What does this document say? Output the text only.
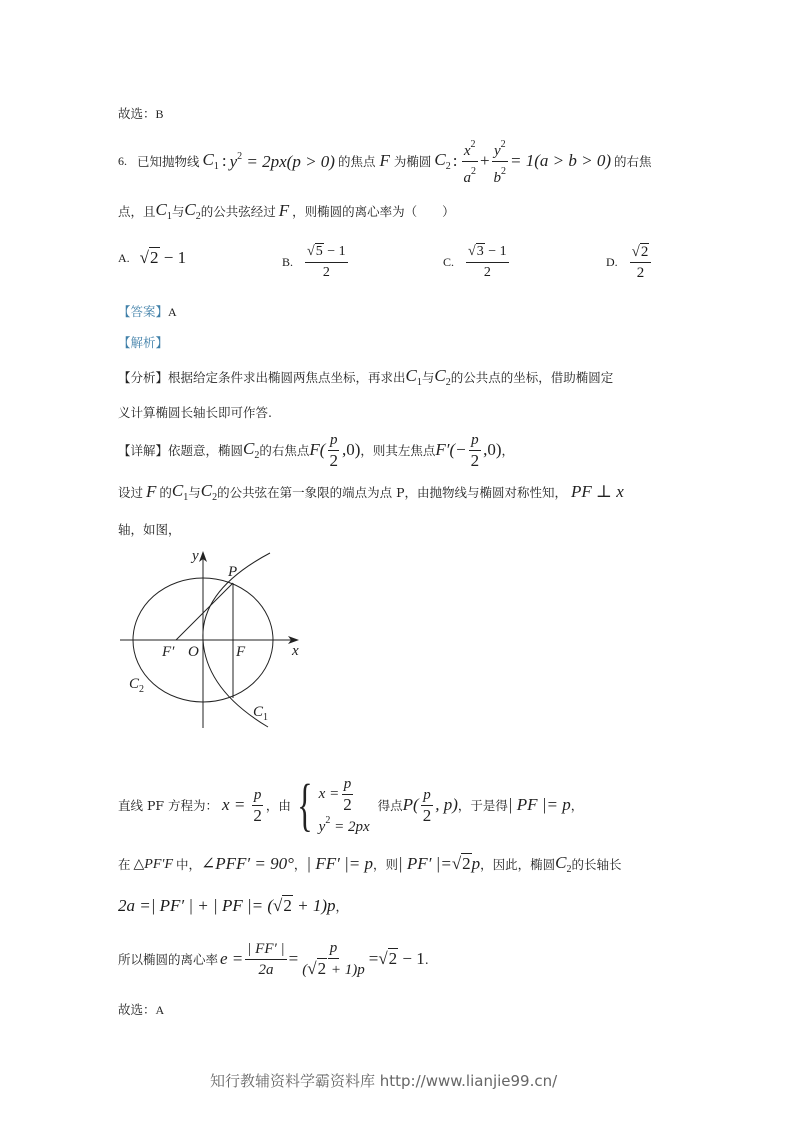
故选：B
6. 已知抛物线 $C_1$ : $y^2 = 2px(p > 0)$ 的焦点 F 为椭圆 $C_2$ : $\frac{x^2}{a^2} + \frac{y^2}{b^2} = 1(a > b > 0)$ 的右焦
点，且 $C_1$ 与 $C_2$ 的公共弦经过 F ，则椭圆的离心率为（　　）
A. √2 − 1	B. $\frac{√5 - 1}{2}$	C. $\frac{√3 - 1}{2}$	D. $\frac{√2}{2}$
【答案】A
【解析】
【分析】 根据给定条件求出椭圆两焦点坐标，再求出 $C_1$ 与 $C_2$ 的公共点的坐标，借助椭圆定
义计算椭圆长轴长即可作答.
【详解】 依题意，椭圆 $C_2$ 的右焦点 $F( \frac{p}{2} ,0)$ ，则其左焦点 $F'(- \frac{p}{2} ,0)$ ，
设过 F 的 $C_1$ 与 $C_2$ 的公共弦在第一象限的端点为点 P，由抛物线与椭圆对称性知， PF ⊥ x
轴，如图，
y
x
P
F′ O F
$C_2$
$C_1$
直线 PF 方程为： $x = \frac{p}{2}$ ，由 { $x = \frac{p}{2}$
$y^2 = 2px$
得点 $P( \frac{p}{2}$ , p) ，于是得 | PF |= p ，
在 △PF′F 中， ∠PFF′ = 90° ， | FF′ |= p ，则 | PF′ |=√2p ，因此，椭圆 $C_2$ 的长轴长
2a =| PF′ | + | PF |= (√2 + 1)p ，
所以椭圆的离心率 $e = \frac{| FF' |}{2a} = \frac{p}{(√2 + 1)p} = √2 - 1$ .
故选：A
知行教辅资料学霸资料库 http://www.lianjie99.cn/
